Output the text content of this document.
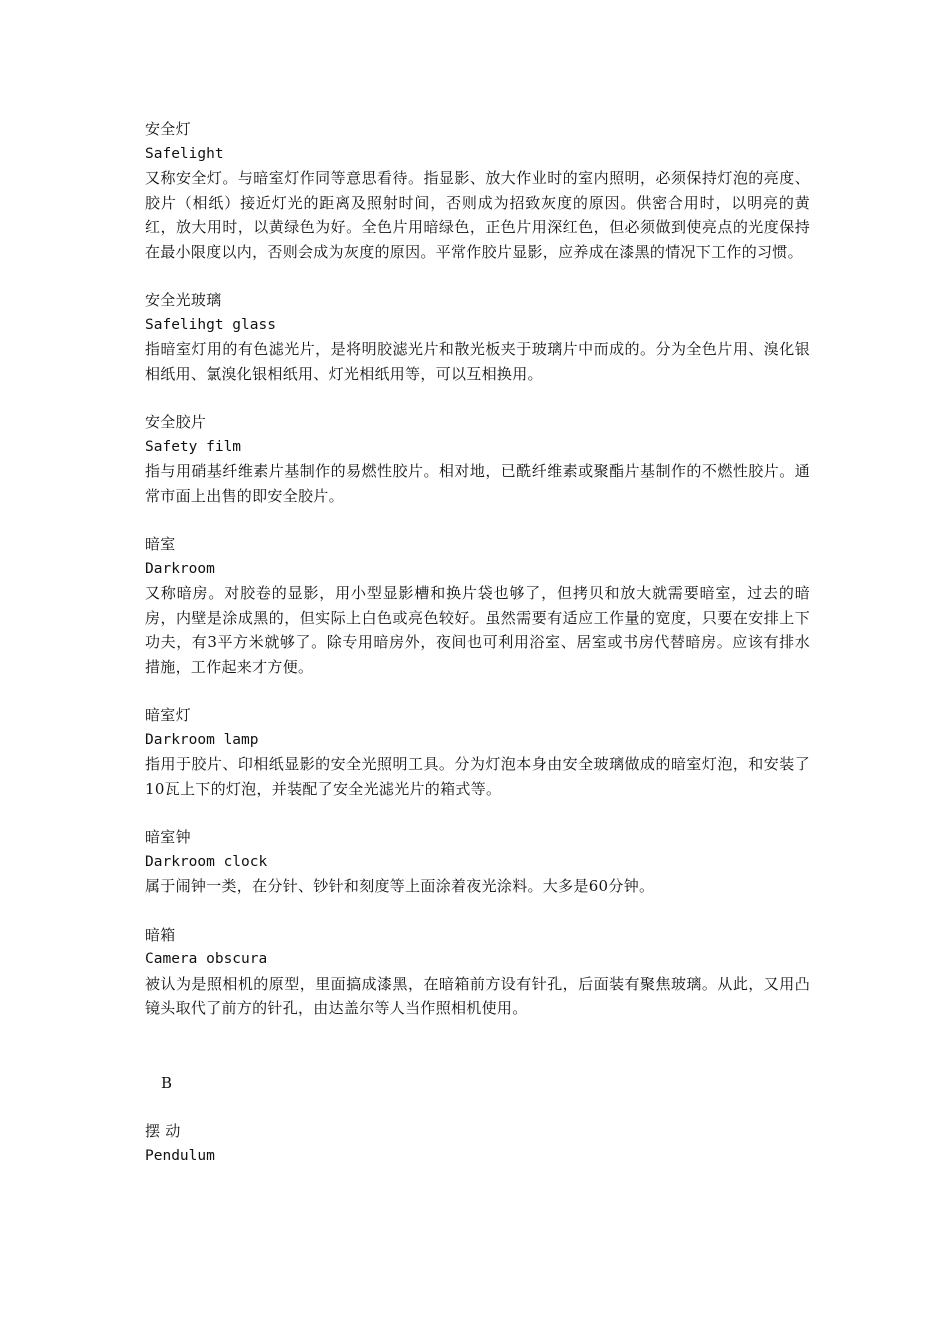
安全灯
Safelight
又称安全灯。与暗室灯作同等意思看待。指显影、放大作业时的室内照明，必须保持灯泡的亮度、胶片（相纸）接近灯光的距离及照射时间，否则成为招致灰度的原因。供密合用时，以明亮的黄红，放大用时，以黄绿色为好。全色片用暗绿色，正色片用深红色，但必须做到使亮点的光度保持在最小限度以内，否则会成为灰度的原因。平常作胶片显影，应养成在漆黑的情况下工作的习惯。
安全光玻璃
Safelihgt glass
指暗室灯用的有色滤光片，是将明胶滤光片和散光板夹于玻璃片中而成的。分为全色片用、溴化银相纸用、氯溴化银相纸用、灯光相纸用等，可以互相换用。
安全胶片
Safety film
指与用硝基纤维素片基制作的易燃性胶片。相对地，已酰纤维素或聚酯片基制作的不燃性胶片。通常市面上出售的即安全胶片。
暗室
Darkroom
又称暗房。对胶卷的显影，用小型显影槽和换片袋也够了，但拷贝和放大就需要暗室，过去的暗房，内壁是涂成黑的，但实际上白色或亮色较好。虽然需要有适应工作量的宽度，只要在安排上下功夫，有3平方米就够了。除专用暗房外，夜间也可利用浴室、居室或书房代替暗房。应该有排水措施，工作起来才方便。
暗室灯
Darkroom lamp
指用于胶片、印相纸显影的安全光照明工具。分为灯泡本身由安全玻璃做成的暗室灯泡，和安装了10瓦上下的灯泡，并装配了安全光滤光片的箱式等。
暗室钟
Darkroom clock
属于闹钟一类，在分针、钞针和刻度等上面涂着夜光涂料。大多是60分钟。
暗箱
Camera obscura
被认为是照相机的原型，里面搞成漆黑，在暗箱前方设有针孔，后面装有聚焦玻璃。从此，又用凸镜头取代了前方的针孔，由达盖尔等人当作照相机使用。
B
摆 动
Pendulum
